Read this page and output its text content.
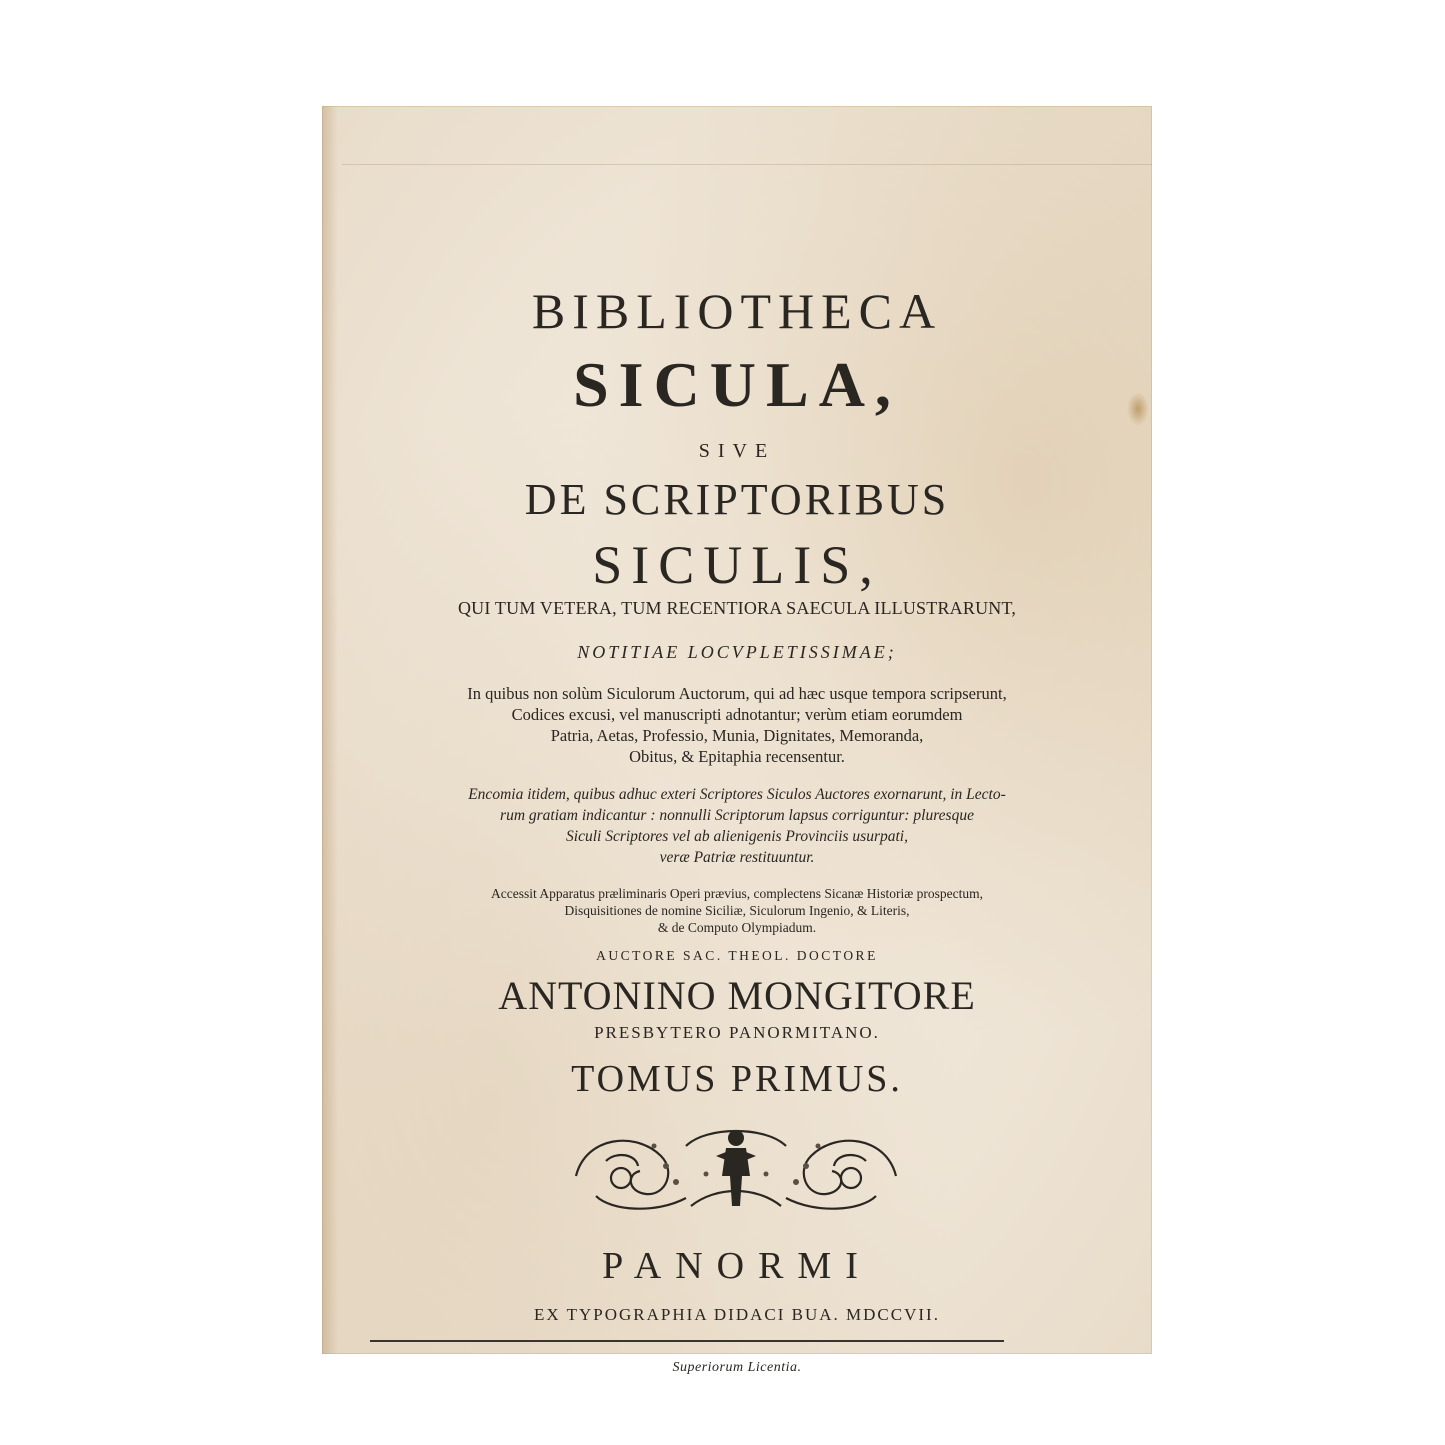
BIBLIOTHECA

SICULA,

SIVE

DE SCRIPTORIBUS

SICULIS,

QUI TUM VETERA, TUM RECENTIORA SAECULA ILLUSTRARUNT,

NOTITIAE LOCVPLETISSIMAE;

In quibus non solùm Siculorum Auctorum, qui ad hæc usque tempora scripserunt,
Codices excusi, vel manuscripti adnotantur; verùm etiam eorumdem
Patria, Aetas, Professio, Munia, Dignitates, Memoranda,
Obitus, & Epitaphia recensentur.
Encomia itidem, quibus adhuc exteri Scriptores Siculos Auctores exornarunt, in Lecto-
rum gratiam indicantur : nonnulli Scriptorum lapsus corriguntur: pluresque
Siculi Scriptores vel ab alienigenis Provinciis usurpati,
veræ Patriæ restituuntur.
Accessit Apparatus præliminaris Operi prævius, complectens Sicanæ Historiæ prospectum,
Disquisitiones de nomine Siciliæ, Siculorum Ingenio, & Literis,
& de Computo Olympiadum.

AUCTORE SAC. THEOL. DOCTORE

ANTONINO MONGITORE

PRESBYTERO PANORMITANO.

TOMUS PRIMUS.

PANORMI

EX TYPOGRAPHIA DIDACI BUA. MDCCVII.

Superiorum Licentia.
